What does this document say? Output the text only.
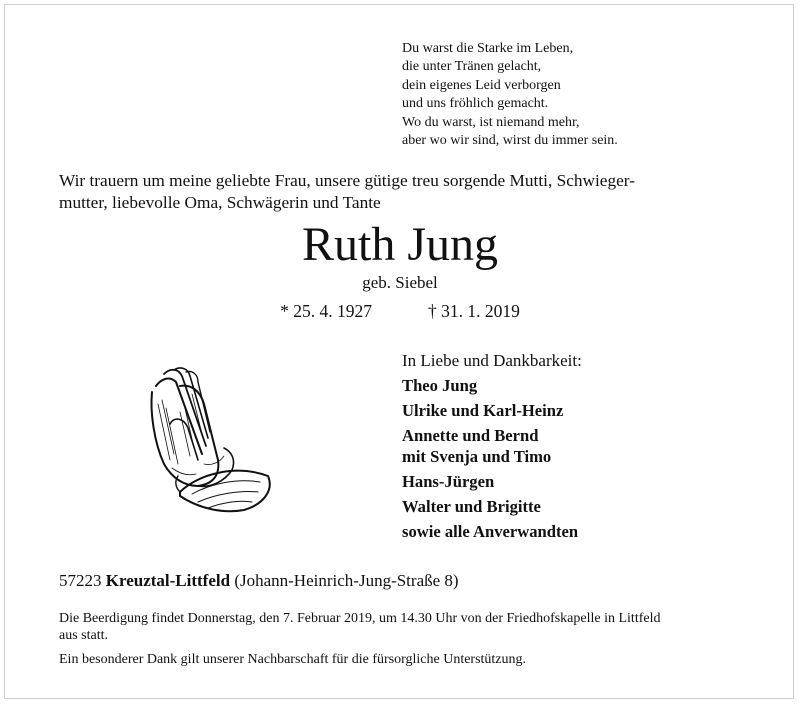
Du warst die Starke im Leben,
die unter Tränen gelacht,
dein eigenes Leid verborgen
und uns fröhlich gemacht.
Wo du warst, ist niemand mehr,
aber wo wir sind, wirst du immer sein.
Wir trauern um meine geliebte Frau, unsere gütige treu sorgende Mutti, Schwieger-
mutter, liebevolle Oma, Schwägerin und Tante
Ruth Jung
geb. Siebel
* 25. 4. 1927	† 31. 1. 2019
In Liebe und Dankbarkeit:
Theo Jung
Ulrike und Karl-Heinz
Annette und Bernd
mit Svenja und Timo
Hans-Jürgen
Walter und Brigitte
sowie alle Anverwandten
57223 Kreuztal-Littfeld (Johann-Heinrich-Jung-Straße 8)
Die Beerdigung findet Donnerstag, den 7. Februar 2019, um 14.30 Uhr von der Friedhofskapelle in Littfeld
aus statt.
Ein besonderer Dank gilt unserer Nachbarschaft für die fürsorgliche Unterstützung.
